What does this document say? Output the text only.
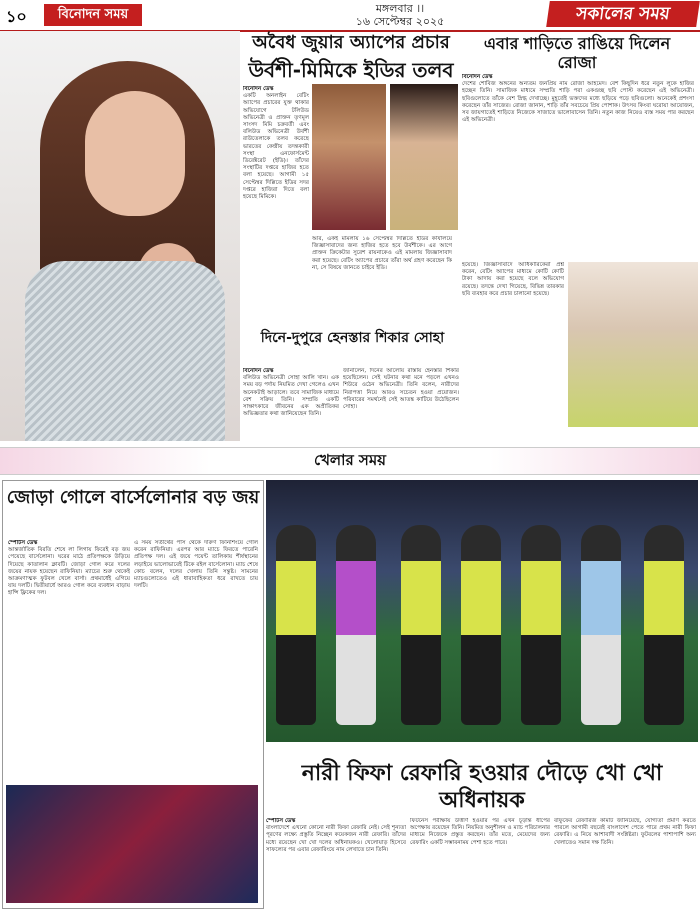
১০	বিনোদন সময়	মঙ্গলবার ।।
১৬ সেপ্টেম্বর ২০২৫	সকালের সময়
অবৈধ জুয়ার অ্যাপের প্রচার
উর্বশী-মিমিকে ইডির তলব
বিনোদন ডেস্ক
একটি অনলাইন বেটিং অ্যাপের প্রচারের যুক্ত থাকার অভিযোগে টলিউড অভিনেত্রী ও প্রাক্তন তৃণমূল সাংসদ মিমি চক্রবর্তী এবং বলিউড অভিনেত্রী উর্বশী রাউতেলাকে তলব করেছে ভারতের কেন্দ্রীয় তদন্তকারী সংস্থা এনফোর্সমেন্ট ডিরেক্টরেট (ইডি)। তাঁদের সংস্থাটির দপ্তরে হাজির হতে বলা হয়েছে। আগামী ১৫ সেপ্টেম্বর দিল্লিতে ইডির সদর দপ্তরে হাজিরা দিতে বলা হয়েছে মিমিকে।
আর, একই মামলায় ১৬ সেপ্টেম্বর দিল্লিতে ইডির কার্যালয়ে জিজ্ঞাসাবাদের জন্য হাজির হতে হবে উর্বশীকে। এর আগে প্রাক্তন ক্রিকেটার সুরেশ রায়নাকেও এই মামলায় জিজ্ঞাসাবাদ করা হয়েছে। বেটিং অ্যাপের প্রচারে তাঁরা অর্থ গ্রহণ করেছেন কি না, সে বিষয়ে জানতে চাইবে ইডি।
এবার শাড়িতে রাঙিয়ে দিলেন রোজা
বিনোদন ডেস্ক
দেশের শোবিজ অঙ্গনের অন্যতম জনপ্রিয় নাম রোজা আহমেদ। বেশ কিছুদিন ধরে নতুন লুকে হাজির হচ্ছেন তিনি। সামাজিক মাধ্যমে সম্প্রতি শাড়ি পরা একগুচ্ছ ছবি পোস্ট করেছেন এই অভিনেত্রী। ছবিগুলোতে তাঁকে বেশ স্নিগ্ধ দেখাচ্ছে। মুহূর্তেই ভক্তদের মধ্যে ছড়িয়ে পড়ে ছবিগুলো। অনেকেই প্রশংসা করেছেন তাঁর সাজের। রোজা জানান, শাড়ি তাঁর সবচেয়ে প্রিয় পোশাক। উৎসব কিংবা ঘরোয়া আয়োজন, সব জায়গাতেই শাড়িতে নিজেকে সাজাতে ভালোবাসেন তিনি। নতুন কাজ নিয়েও ব্যস্ত সময় পার করছেন এই অভিনেত্রী।
হয়েছে। জিজ্ঞাসাবাদে আধিকারিকেরা প্রশ্ন করেন, বেটিং অ্যাপের মাধ্যমে কোটি কোটি টাকা আদায় করা হয়েছে বলে অভিযোগ রয়েছে। তদন্তে দেখা গিয়েছে, বিভিন্ন তারকার ছবি ব্যবহার করে প্রচার চালানো হয়েছে।
দিনে-দুপুরে হেনস্তার শিকার সোহা
বিনোদন ডেস্ক
বলিউড অভিনেত্রী সোহা আলি খান। এক সময় বড় পর্দায় নিয়মিত দেখা গেলেও এখন অনেকটাই আড়ালে। তবে সামাজিক মাধ্যমে বেশ সক্রিয় তিনি। সম্প্রতি একটি সাক্ষাৎকারে জীবনের এক অপ্রীতিকর অভিজ্ঞতার কথা জানিয়েছেন তিনি।
জানালেন, দিনের আলোয় রাস্তায় হেনস্তার শিকার হয়েছিলেন। সেই ঘটনার কথা মনে পড়লে এখনও শিউরে ওঠেন অভিনেত্রী। তিনি বলেন, নারীদের নিরাপত্তা নিয়ে আরও সচেতন হওয়া প্রয়োজন। পরিবারের সমর্থনেই সেই আতঙ্ক কাটিয়ে উঠেছিলেন সোহা।
খেলার সময়
জোড়া গোলে বার্সেলোনার বড় জয়
স্পোর্টস ডেস্ক
আন্তর্জাতিক বিরতি শেষে লা লিগায় ফিরেই বড় জয় পেয়েছে বার্সেলোনা। ঘরের মাঠে প্রতিপক্ষকে উড়িয়ে দিয়েছে কাতালান ক্লাবটি। জোড়া গোল করে দলের জয়ের নায়ক হয়েছেন রাফিনিয়া। ম্যাচের শুরু থেকেই আক্রমণাত্মক ফুটবল খেলে বার্সা। প্রথমার্ধেই এগিয়ে যায় দলটি। দ্বিতীয়ার্ধে আরও গোল করে ব্যবধান বাড়ায় হান্সি ফ্লিকের দল।
এ সময় সতীর্থের পাস থেকে দারুণ ফিনিশিংয়ে গোল করেন রাফিনিয়া। এরপর আর ম্যাচে ফিরতে পারেনি প্রতিপক্ষ দল। এই জয়ে পয়েন্ট তালিকায় শীর্ষস্থানের লড়াইয়ে ভালোভাবেই টিকে রইল বার্সেলোনা। ম্যাচ শেষে কোচ বলেন, দলের খেলায় তিনি সন্তুষ্ট। সামনের ম্যাচগুলোতেও এই ধারাবাহিকতা ধরে রাখতে চায় দলটি।
নারী ফিফা রেফারি হওয়ার দৌড়ে খো খো অধিনায়ক
স্পোর্টস ডেস্ক
বাংলাদেশে এখনো কোনো নারী ফিফা রেফারি নেই। সেই শূন্যতা পূরণের লক্ষ্যে প্রস্তুতি নিচ্ছেন কয়েকজন নারী রেফারি। তাঁদের মধ্যে রয়েছেন খো খো দলের অধিনায়কও। খেলোয়াড় হিসেবে সাফল্যের পর এবার রেফারিংয়ে নাম লেখাতে চান তিনি।
ফিটনেস পরীক্ষায় উত্তীর্ণ হওয়ার পর এখন চূড়ান্ত ধাপের অপেক্ষায় রয়েছেন তিনি। নিয়মিত অনুশীলন ও ম্যাচ পরিচালনার মাধ্যমে নিজেকে প্রস্তুত করছেন। তাঁর মতে, মেয়েদের জন্য রেফারিং একটি সম্ভাবনাময় পেশা হতে পারে।
বাফুফের রেফারিজ কমিটি জানিয়েছে, যোগ্যতা প্রমাণ করতে পারলে আগামী বছরেই বাংলাদেশ পেতে পারে প্রথম নারী ফিফা রেফারি। এ নিয়ে আশাবাদী সংশ্লিষ্টরা। ফুটবলের পাশাপাশি অন্য খেলাতেও সমান দক্ষ তিনি।
